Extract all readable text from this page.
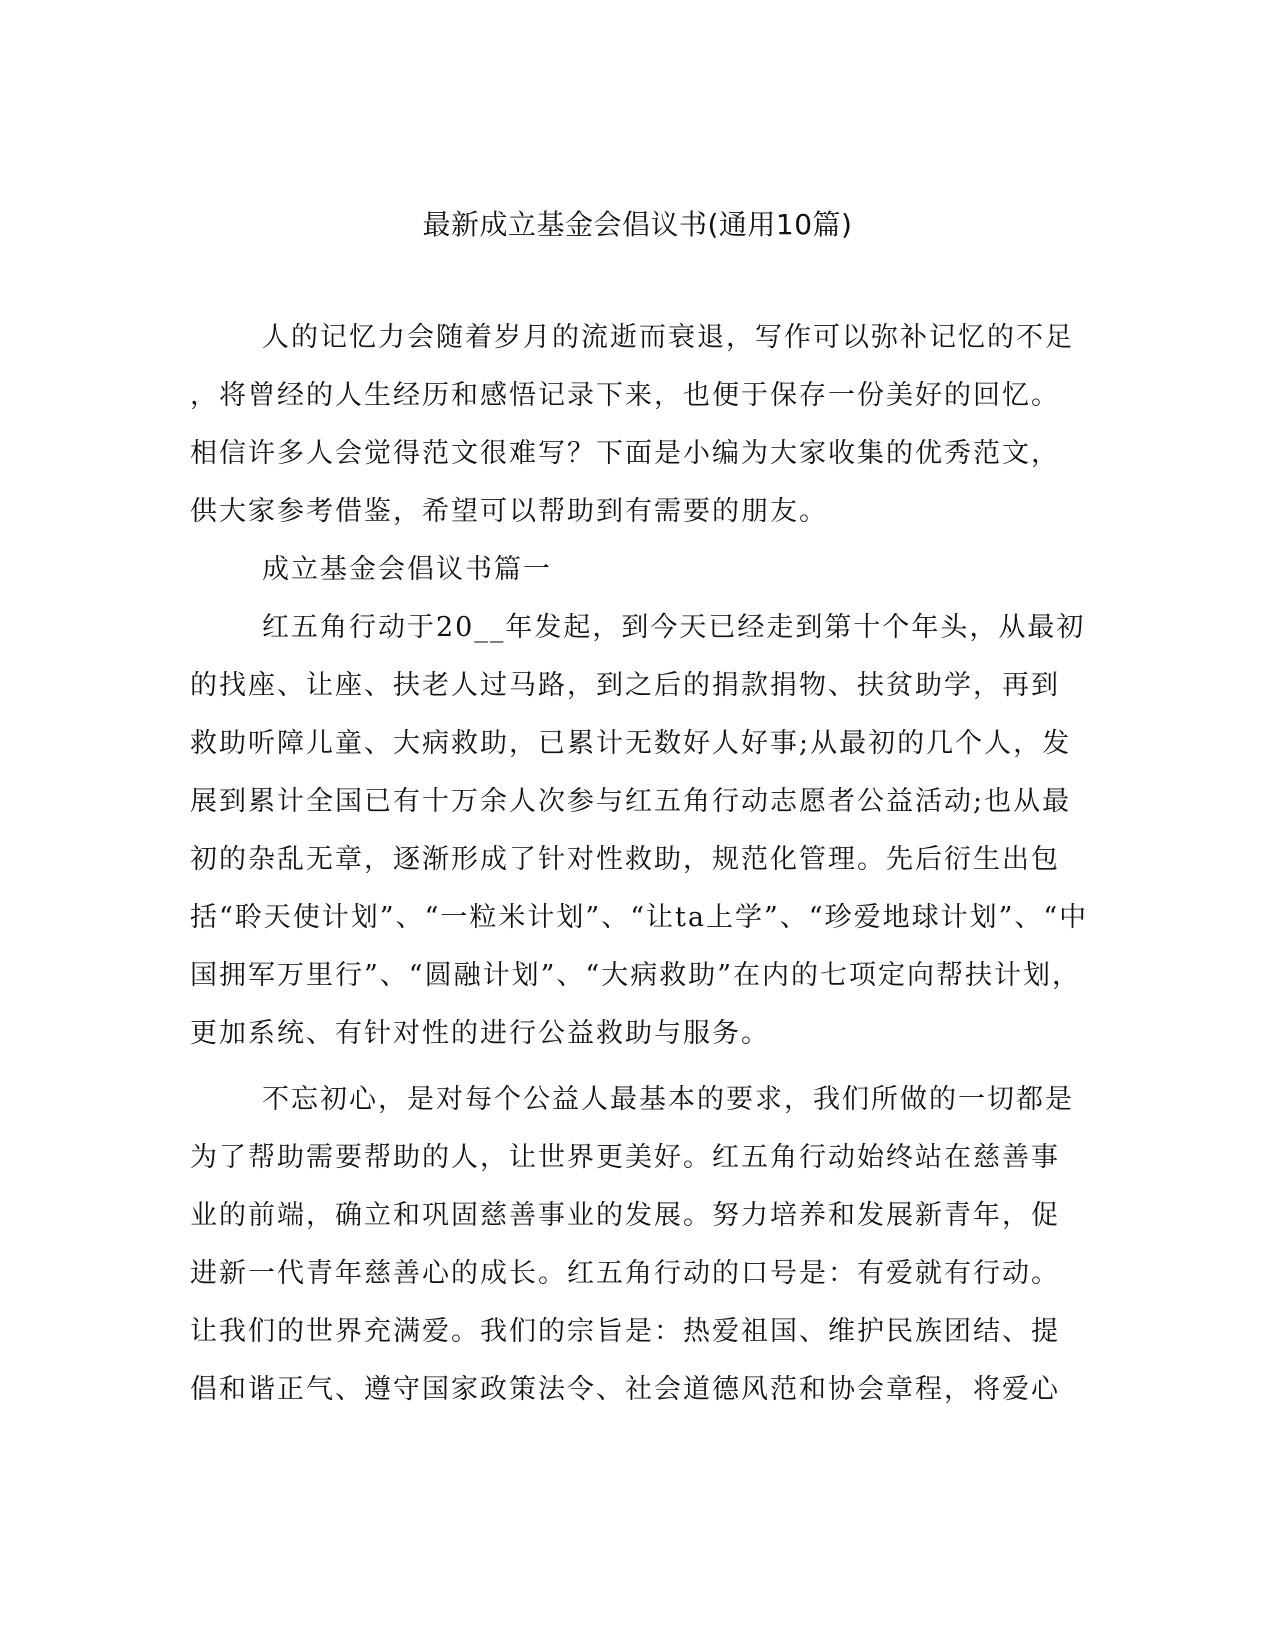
最新成立基金会倡议书(通用10篇)

人的记忆力会随着岁月的流逝而衰退，写作可以弥补记忆的不足

，将曾经的人生经历和感悟记录下来，也便于保存一份美好的回忆。

相信许多人会觉得范文很难写？下面是小编为大家收集的优秀范文，

供大家参考借鉴，希望可以帮助到有需要的朋友。

成立基金会倡议书篇一

红五角行动于20__年发起，到今天已经走到第十个年头，从最初

的找座、让座、扶老人过马路，到之后的捐款捐物、扶贫助学，再到

救助听障儿童、大病救助，已累计无数好人好事;从最初的几个人，发

展到累计全国已有十万余人次参与红五角行动志愿者公益活动;也从最

初的杂乱无章，逐渐形成了针对性救助，规范化管理。先后衍生出包

括“聆天使计划”、“一粒米计划”、“让ta上学”、“珍爱地球计划”、“中

国拥军万里行”、“圆融计划”、“大病救助”在内的七项定向帮扶计划，

更加系统、有针对性的进行公益救助与服务。

不忘初心，是对每个公益人最基本的要求，我们所做的一切都是

为了帮助需要帮助的人，让世界更美好。红五角行动始终站在慈善事

业的前端，确立和巩固慈善事业的发展。努力培养和发展新青年，促

进新一代青年慈善心的成长。红五角行动的口号是：有爱就有行动。

让我们的世界充满爱。我们的宗旨是：热爱祖国、维护民族团结、提

倡和谐正气、遵守国家政策法令、社会道德风范和协会章程，将爱心
